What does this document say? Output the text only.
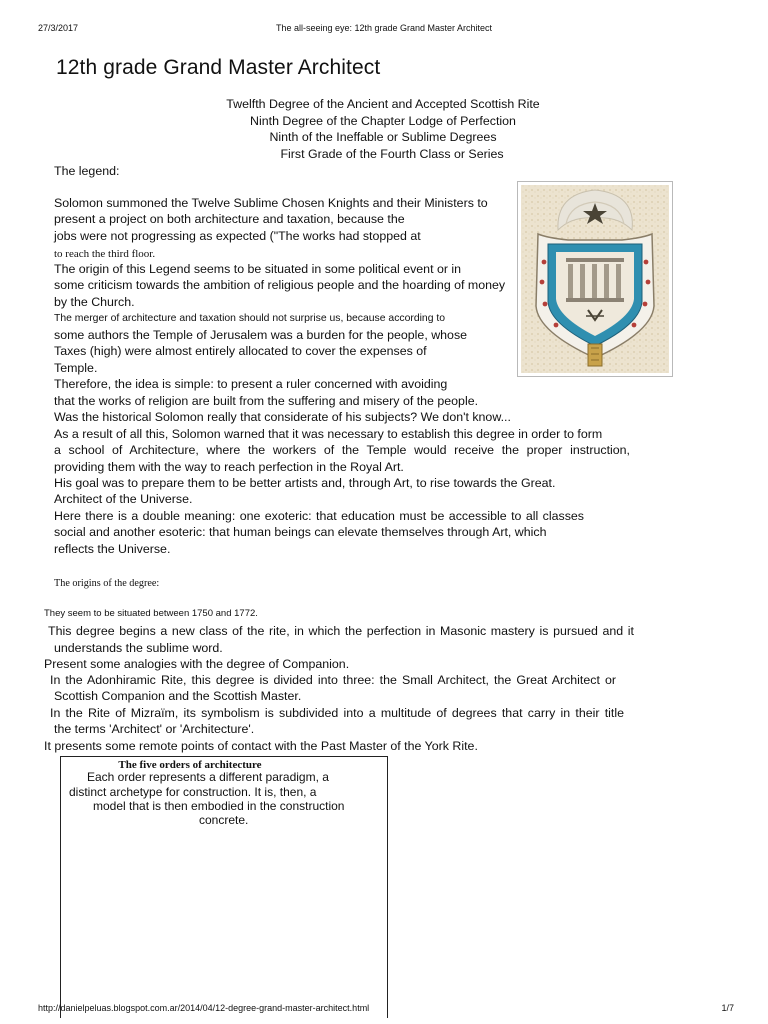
27/3/2017	The all-seeing eye: 12th grade Grand Master Architect
12th grade Grand Master Architect
Twelfth Degree of the Ancient and Accepted Scottish Rite
Ninth Degree of the Chapter Lodge of Perfection
Ninth of the Ineffable or Sublime Degrees
First Grade of the Fourth Class or Series
The legend:
Solomon summoned the Twelve Sublime Chosen Knights and their Ministers to
present a project on both architecture and taxation, because the
jobs were not progressing as expected ("The works had stopped at
to reach the third floor.
The origin of this Legend seems to be situated in some political event or in
some criticism towards the ambition of religious people and the hoarding of money
by the Church.
The merger of architecture and taxation should not surprise us, because according to
some authors the Temple of Jerusalem was a burden for the people, whose
Taxes (high) were almost entirely allocated to cover the expenses of
Temple.
Therefore, the idea is simple: to present a ruler concerned with avoiding
that the works of religion are built from the suffering and misery of the people.
Was the historical Solomon really that considerate of his subjects? We don't know...
As a result of all this, Solomon warned that it was necessary to establish this degree in order to form
a school of Architecture, where the workers of the Temple would receive the proper instruction,
providing them with the way to reach perfection in the Royal Art.
His goal was to prepare them to be better artists and, through Art, to rise towards the Great.
Architect of the Universe.
Here there is a double meaning: one exoteric: that education must be accessible to all classes
social and another esoteric: that human beings can elevate themselves through Art, which
reflects the Universe.
The origins of the degree:
They seem to be situated between 1750 and 1772.
This degree begins a new class of the rite, in which the perfection in Masonic mastery is pursued and it
understands the sublime word.
Present some analogies with the degree of Companion.
In the Adonhiramic Rite, this degree is divided into three: the Small Architect, the Great Architect or
Scottish Companion and the Scottish Master.
In the Rite of Mizraïm, its symbolism is subdivided into a multitude of degrees that carry in their title
the terms 'Architect' or 'Architecture'.
It presents some remote points of contact with the Past Master of the York Rite.
The five orders of architecture
Each order represents a different paradigm, a
distinct archetype for construction. It is, then, a
model that is then embodied in the construction
concrete.
http://danielpeluas.blogspot.com.ar/2014/04/12-degree-grand-master-architect.html	1/7
